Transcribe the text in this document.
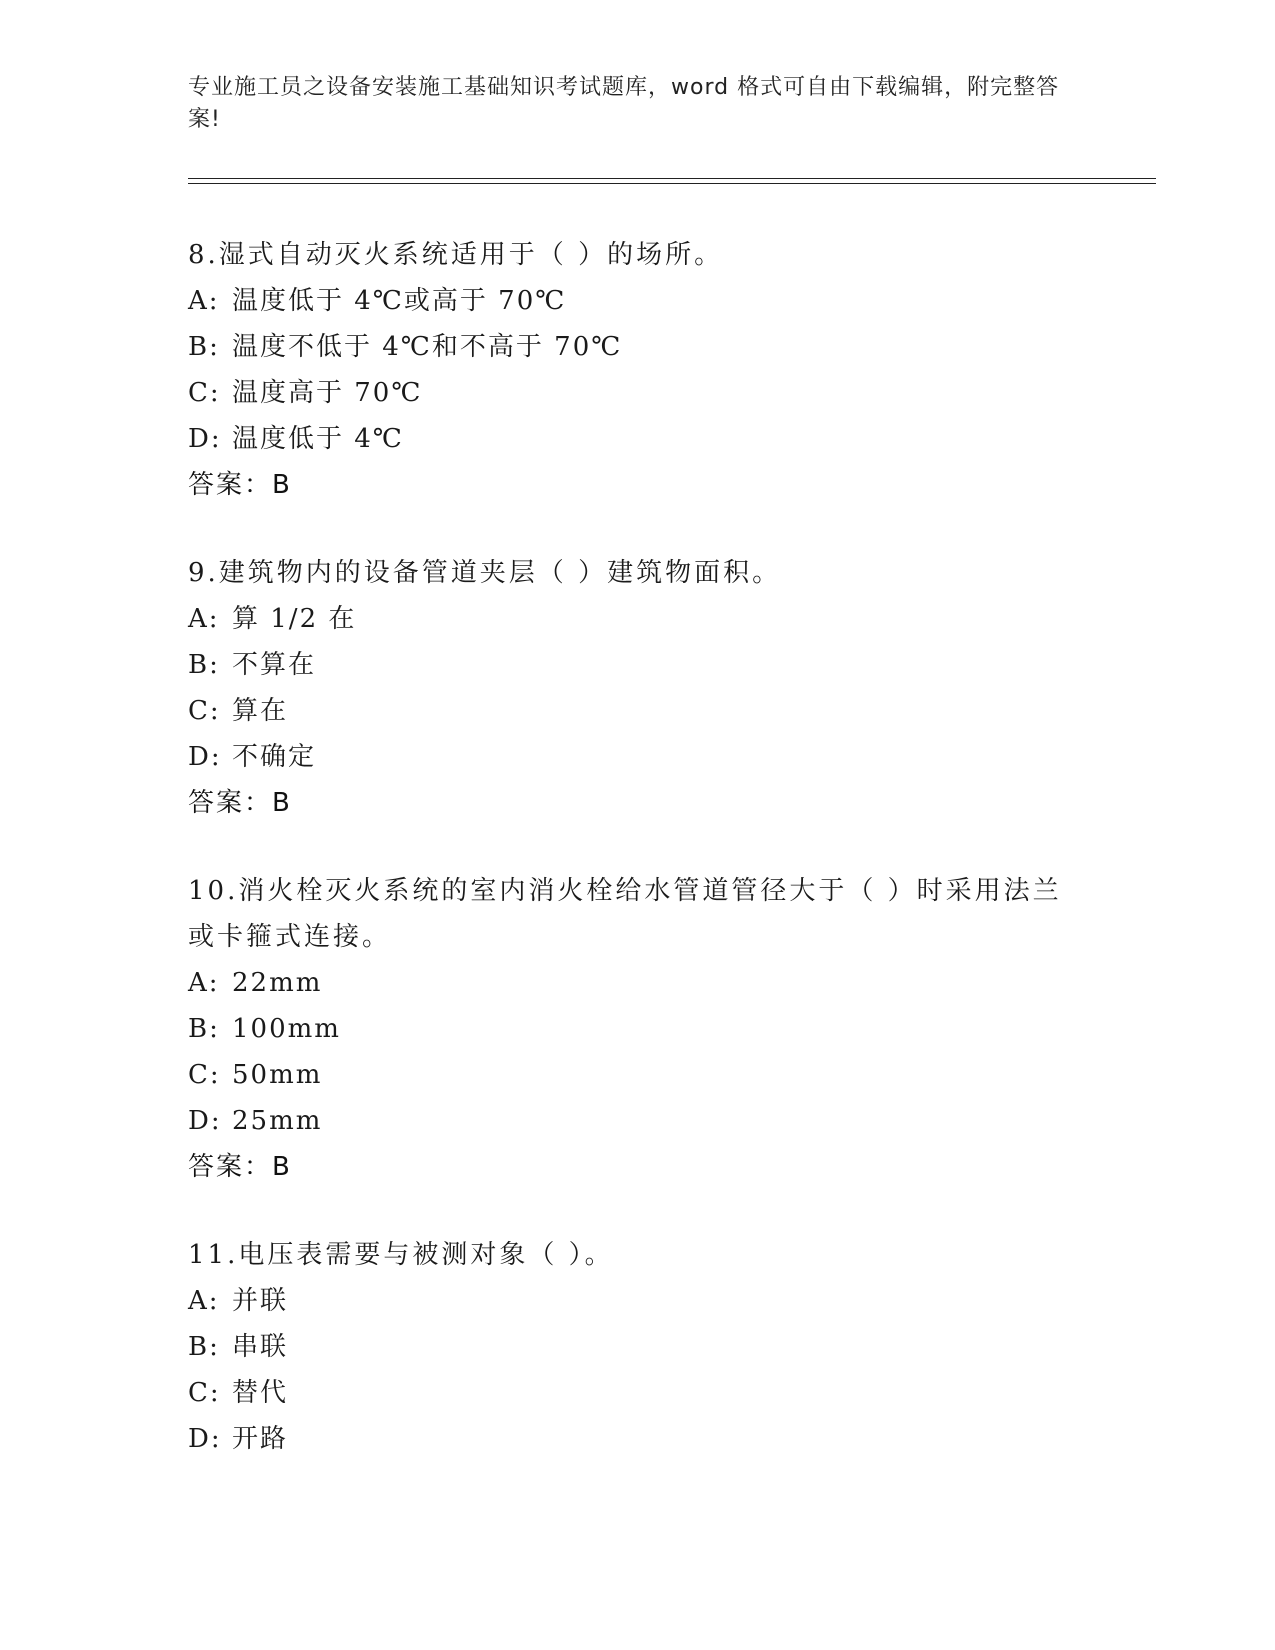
专业施工员之设备安装施工基础知识考试题库，word 格式可自由下载编辑，附完整答案!

8.湿式自动灭火系统适用于（ ）的场所。

A: 温度低于 4℃或高于 70℃

B: 温度不低于 4℃和不高于 70℃

C: 温度高于 70℃

D: 温度低于 4℃

答案：B

9.建筑物内的设备管道夹层（ ）建筑物面积。

A: 算 1/2 在

B: 不算在

C: 算在

D: 不确定

答案：B

10.消火栓灭火系统的室内消火栓给水管道管径大于（ ）时采用法兰或卡箍式连接。

A: 22mm

B: 100mm

C: 50mm

D: 25mm

答案：B

11.电压表需要与被测对象（ ）。

A: 并联

B: 串联

C: 替代

D: 开路
